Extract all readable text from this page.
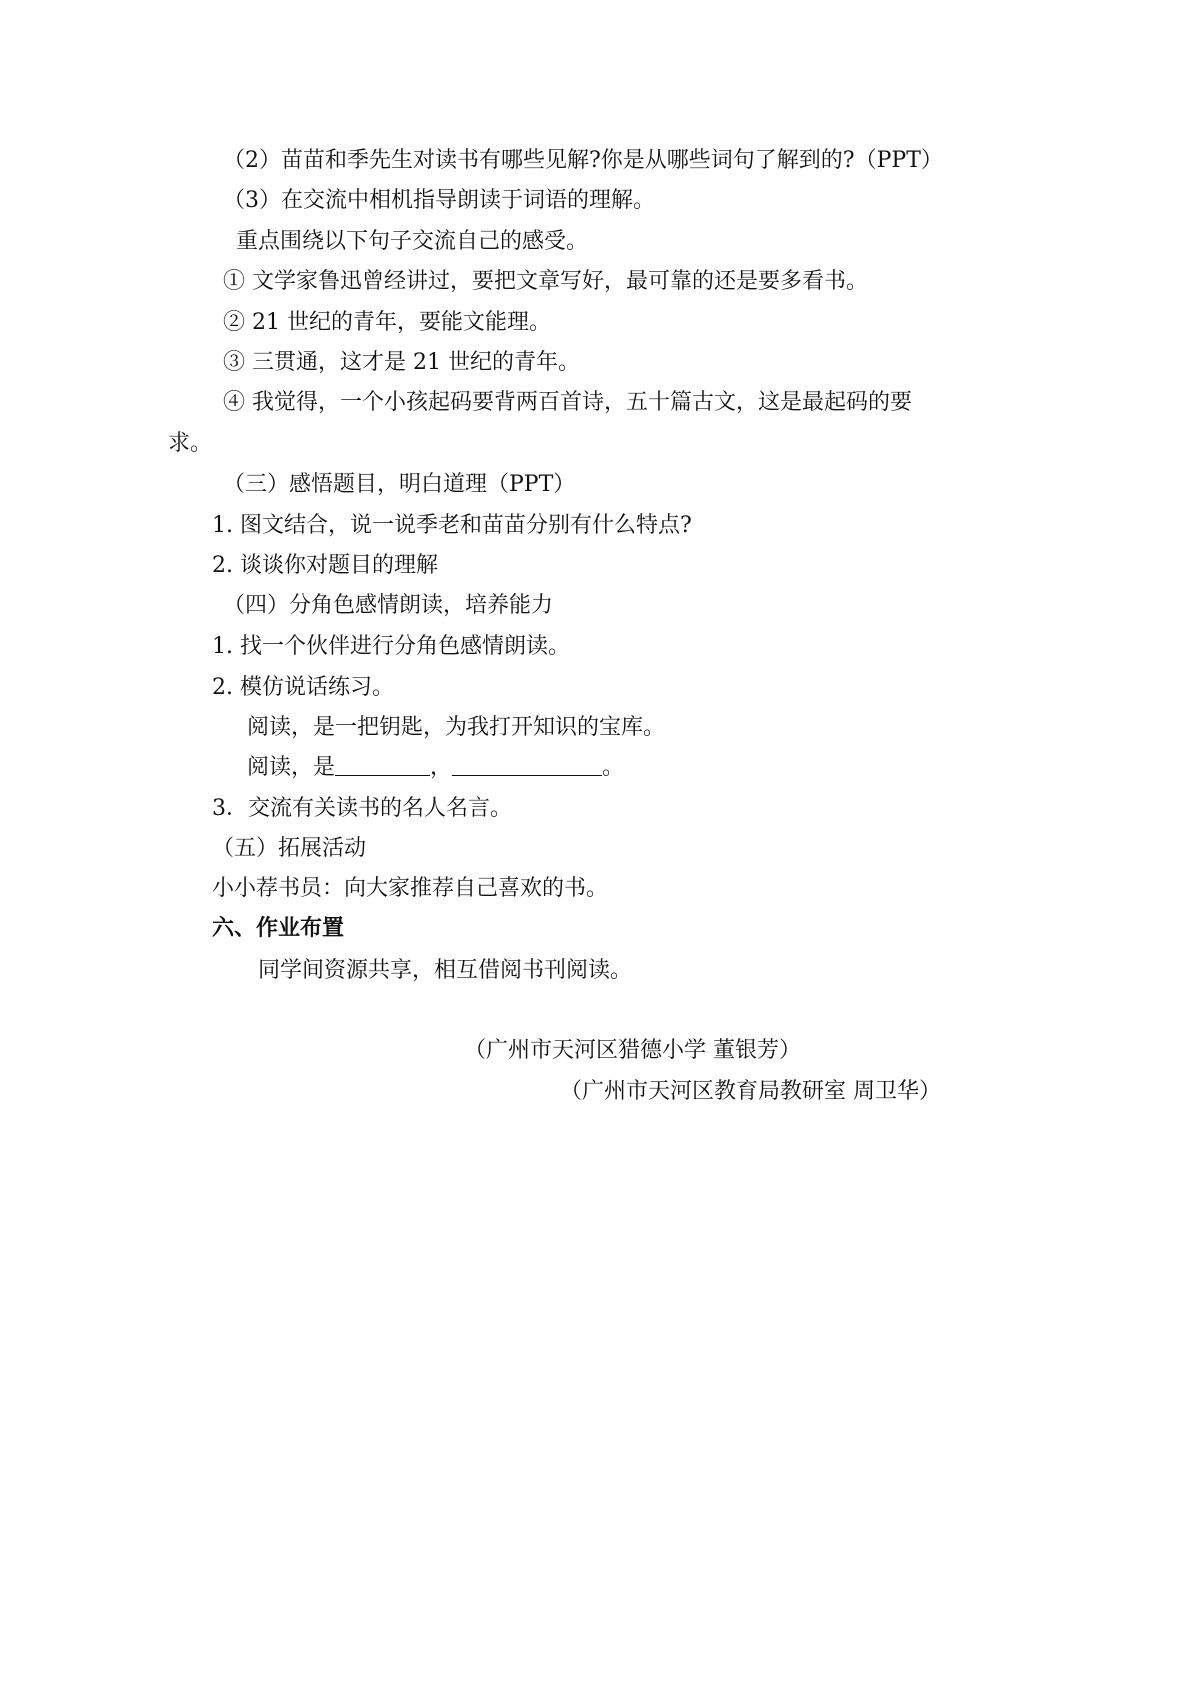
（2）苗苗和季先生对读书有哪些见解?你是从哪些词句了解到的?（PPT）
（3）在交流中相机指导朗读于词语的理解。
重点围绕以下句子交流自己的感受。
① 文学家鲁迅曾经讲过，要把文章写好，最可靠的还是要多看书。
② 21 世纪的青年，要能文能理。
③ 三贯通，这才是 21 世纪的青年。
④ 我觉得，一个小孩起码要背两百首诗，五十篇古文，这是最起码的要
求。
（三）感悟题目，明白道理（PPT）
1. 图文结合，说一说季老和苗苗分别有什么特点?
2. 谈谈你对题目的理解
（四）分角色感情朗读，培养能力
1. 找一个伙伴进行分角色感情朗读。
2. 模仿说话练习。
阅读，是一把钥匙，为我打开知识的宝库。
阅读，是	，	。
3．交流有关读书的名人名言。
（五）拓展活动
小小荐书员：向大家推荐自己喜欢的书。
六、作业布置
同学间资源共享，相互借阅书刊阅读。
（广州市天河区猎德小学 董银芳）
（广州市天河区教育局教研室 周卫华）
